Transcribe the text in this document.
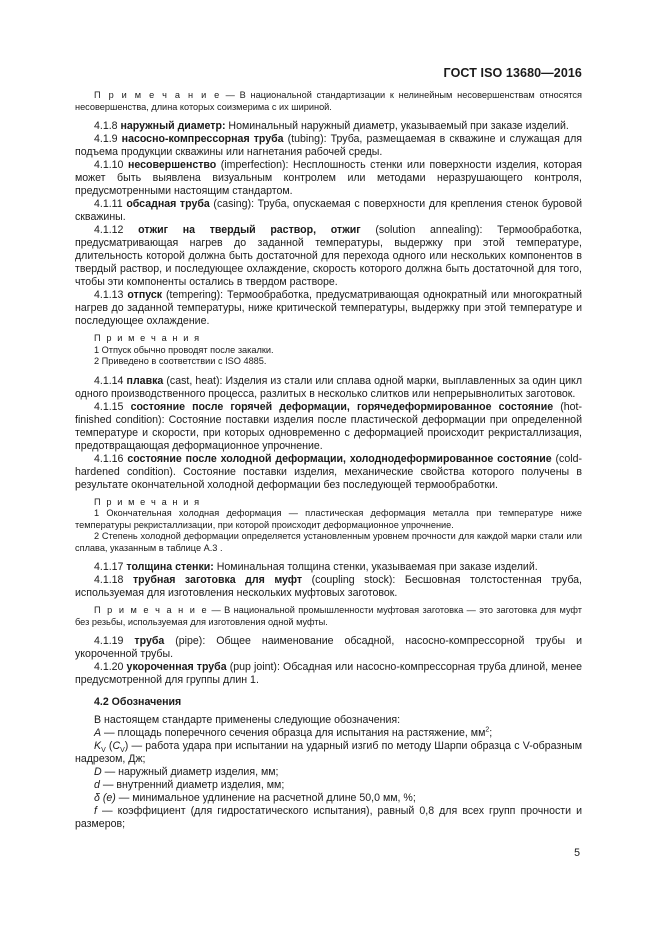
ГОСТ ISO 13680—2016

П р и м е ч а н и е — В национальной стандартизации к нелинейным несовершенствам относятся несовершенства, длина которых соизмерима с их шириной.

4.1.8 наружный диаметр: Номинальный наружный диаметр, указываемый при заказе изделий.

4.1.9 насосно-компрессорная труба (tubing): Труба, размещаемая в скважине и служащая для подъема продукции скважины или нагнетания рабочей среды.

4.1.10 несовершенство (imperfection): Несплошность стенки или поверхности изделия, которая может быть выявлена визуальным контролем или методами неразрушающего контроля, предусмотренными настоящим стандартом.

4.1.11 обсадная труба (casing): Труба, опускаемая с поверхности для крепления стенок буровой скважины.

4.1.12 отжиг на твердый раствор, отжиг (solution annealing): Термообработка, предусматривающая нагрев до заданной температуры, выдержку при этой температуре, длительность которой должна быть достаточной для перехода одного или нескольких компонентов в твердый раствор, и последующее охлаждение, скорость которого должна быть достаточной для того, чтобы эти компоненты остались в твердом растворе.

4.1.13 отпуск (tempering): Термообработка, предусматривающая однократный или многократный нагрев до заданной температуры, ниже критической температуры, выдержку при этой температуре и последующее охлаждение.

П р и м е ч а н и я

1 Отпуск обычно проводят после закалки.

2 Приведено в соответствии с ISO 4885.

4.1.14 плавка (cast, heat): Изделия из стали или сплава одной марки, выплавленных за один цикл одного производственного процесса, разлитых в несколько слитков или непрерывнолитых заготовок.

4.1.15 состояние после горячей деформации, горячедеформированное состояние (hot-finished condition): Состояние поставки изделия после пластической деформации при определенной температуре и скорости, при которых одновременно с деформацией происходит рекристаллизация, предотвращающая деформационное упрочнение.

4.1.16 состояние после холодной деформации, холоднодеформированное состояние (cold-hardened condition). Состояние поставки изделия, механические свойства которого получены в результате окончательной холодной деформации без последующей термообработки.

П р и м е ч а н и я

1 Окончательная холодная деформация — пластическая деформация металла при температуре ниже температуры рекристаллизации, при которой происходит деформационное упрочнение.

2 Степень холодной деформации определяется установленным уровнем прочности для каждой марки стали или сплава, указанным в таблице А.3 .

4.1.17 толщина стенки: Номинальная толщина стенки, указываемая при заказе изделий.

4.1.18 трубная заготовка для муфт (coupling stock): Бесшовная толстостенная труба, используемая для изготовления нескольких муфтовых заготовок.

П р и м е ч а н и е — В национальной промышленности муфтовая заготовка — это заготовка для муфт без резьбы, используемая для изготовления одной муфты.

4.1.19 труба (pipe): Общее наименование обсадной, насосно-компрессорной трубы и укороченной трубы.

4.1.20 укороченная труба (pup joint): Обсадная или насосно-компрессорная труба длиной, менее предусмотренной для группы длин 1.

4.2 Обозначения

В настоящем стандарте применены следующие обозначения:

A — площадь поперечного сечения образца для испытания на растяжение, $мм^2$;

$K_V$ $(C_V)$ — работа удара при испытании на ударный изгиб по методу Шарпи образца с V-образным надрезом, Дж;

D — наружный диаметр изделия, мм;

d — внутренний диаметр изделия, мм;

δ (e) — минимальное удлинение на расчетной длине 50,0 мм, %;

f — коэффициент (для гидростатического испытания), равный 0,8 для всех групп прочности и размеров;

5
